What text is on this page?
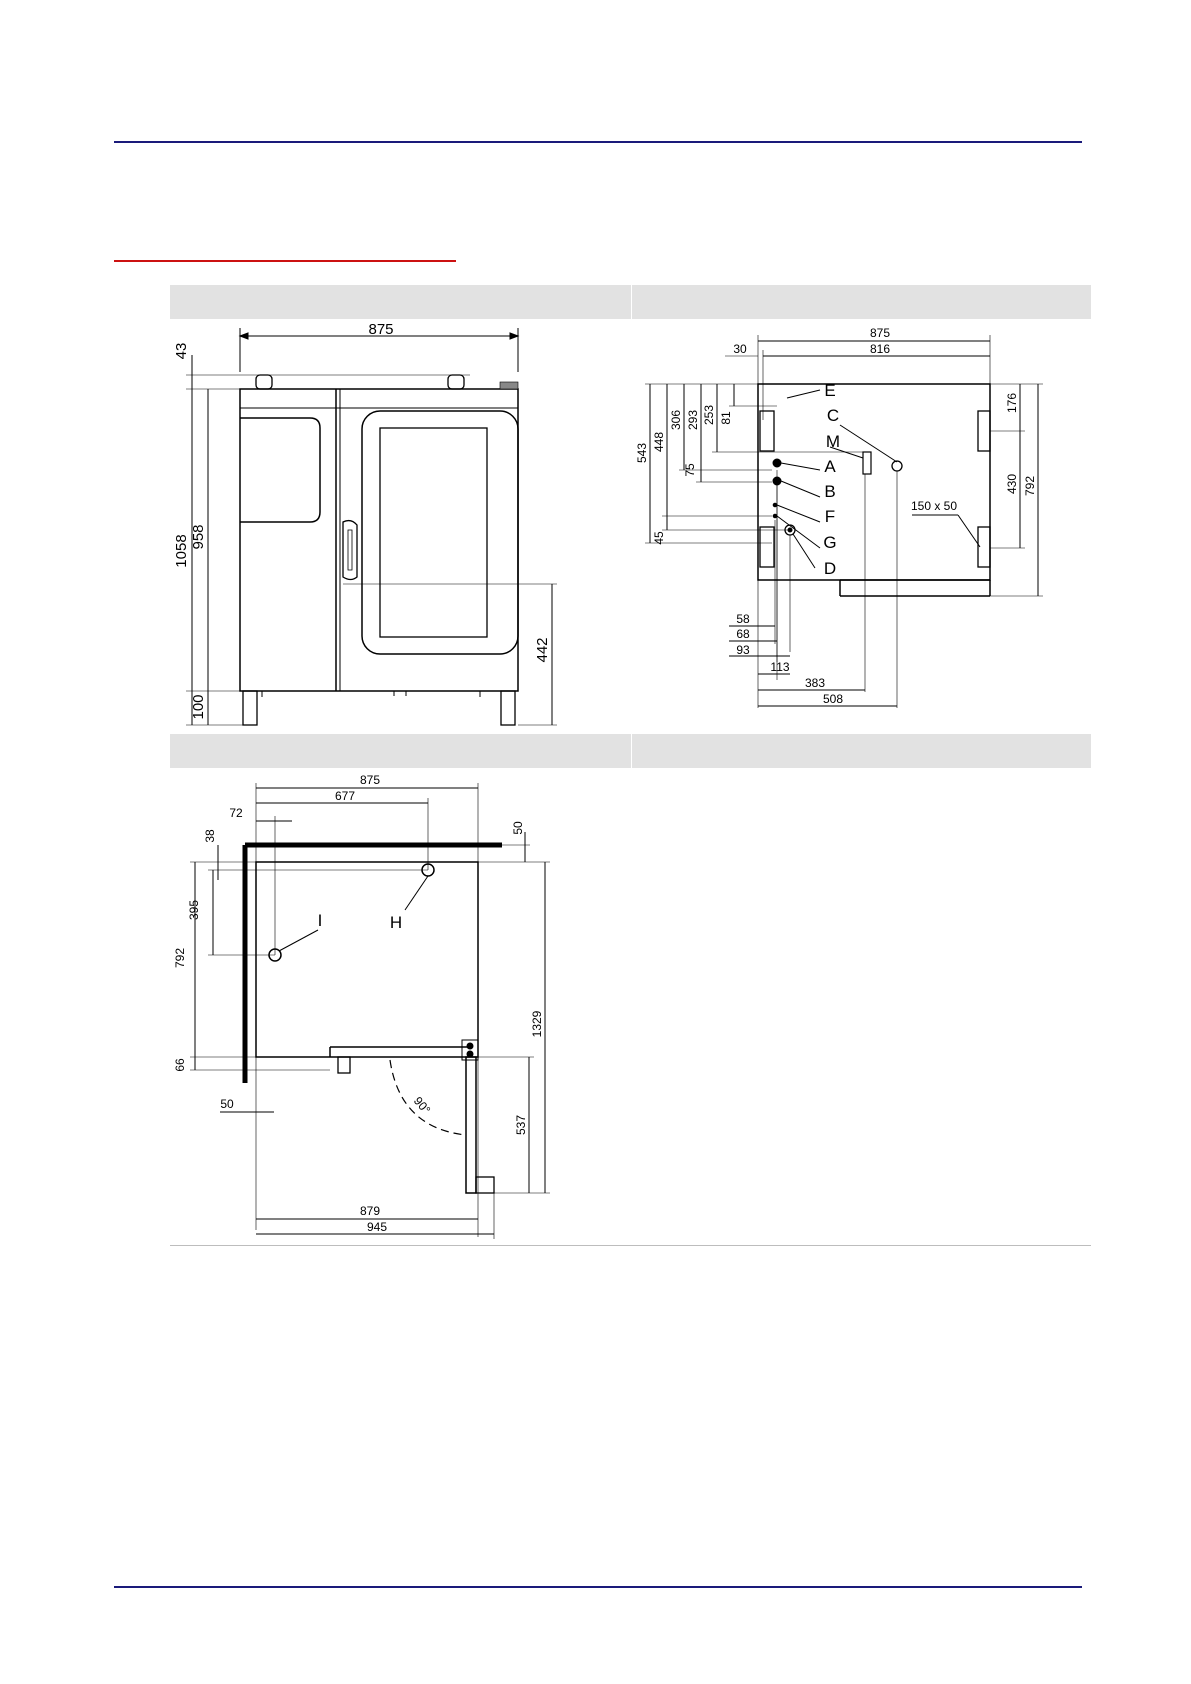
875
43
1058 958
100
442
875
816
30
543
448
306 293 253 81
75
45
176
430 792
150 x 50
58
68
93
113
383
508
E
C
M
A
B
F
G
D
875
677
72
38
50
395
792
66
50
1329
537
879
945
90°
I	H
